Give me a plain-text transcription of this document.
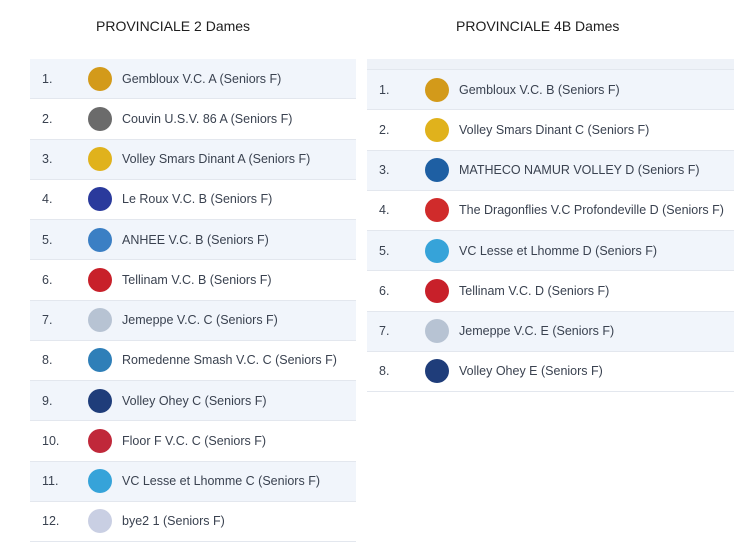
PROVINCIALE 2 Dames
1.	Gembloux V.C. A (Seniors F)
2.	Couvin U.S.V. 86 A (Seniors F)
3.	Volley Smars Dinant A (Seniors F)
4.	Le Roux V.C. B (Seniors F)
5.	ANHEE V.C. B (Seniors F)
6.	Tellinam V.C. B (Seniors F)
7.	Jemeppe V.C. C (Seniors F)
8.	Romedenne Smash V.C. C (Seniors F)
9.	Volley Ohey C (Seniors F)
10.	Floor F V.C. C (Seniors F)
11.	VC Lesse et Lhomme C (Seniors F)
12.	bye2 1 (Seniors F)
PROVINCIALE 4B Dames
1.	Gembloux V.C. B (Seniors F)
2.	Volley Smars Dinant C (Seniors F)
3.	MATHECO NAMUR VOLLEY D (Seniors F)
4.	The Dragonflies V.C Profondeville D (Seniors F)
5.	VC Lesse et Lhomme D (Seniors F)
6.	Tellinam V.C. D (Seniors F)
7.	Jemeppe V.C. E (Seniors F)
8.	Volley Ohey E (Seniors F)
